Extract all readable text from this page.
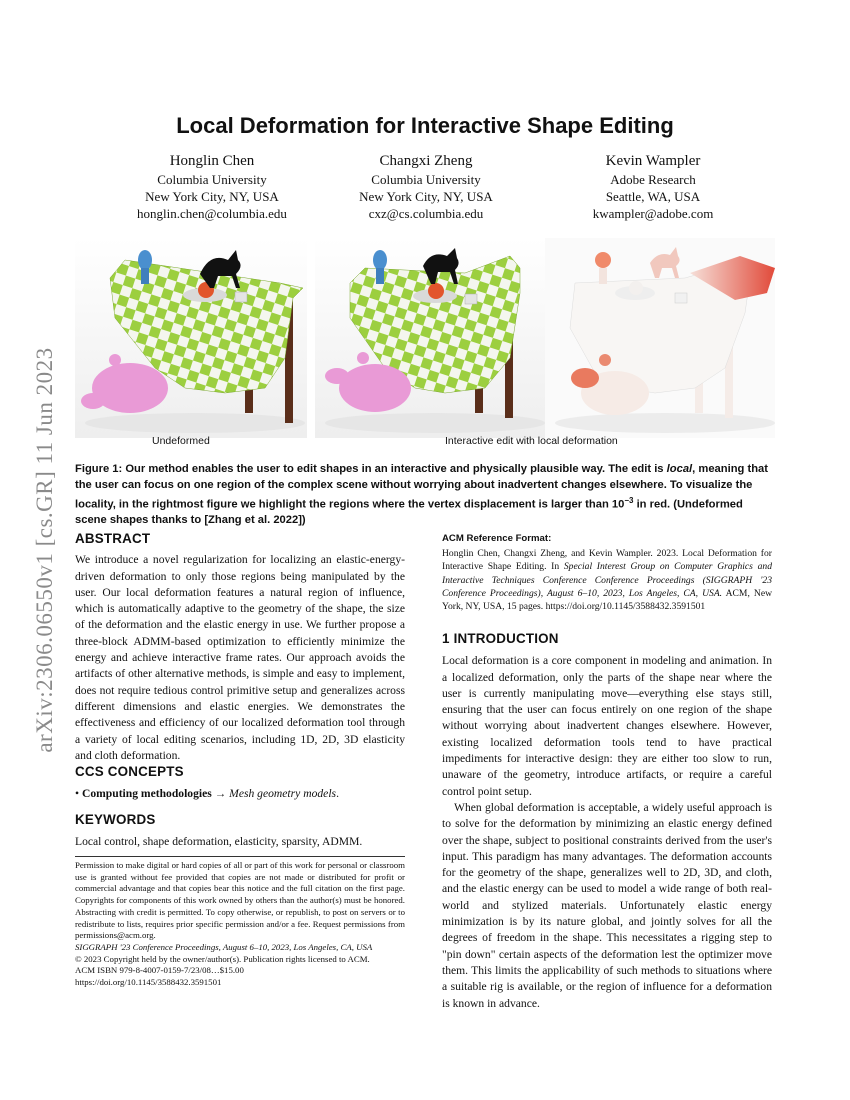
arXiv:2306.06550v1 [cs.GR] 11 Jun 2023
Local Deformation for Interactive Shape Editing
Honglin Chen
Columbia University
New York City, NY, USA
honglin.chen@columbia.edu
Changxi Zheng
Columbia University
New York City, NY, USA
cxz@cs.columbia.edu
Kevin Wampler
Adobe Research
Seattle, WA, USA
kwampler@adobe.com
Undeformed	Interactive edit with local deformation
Figure 1: Our method enables the user to edit shapes in an interactive and physically plausible way. The edit is local, meaning that the user can focus on one region of the complex scene without worrying about inadvertent changes elsewhere. To visualize the locality, in the rightmost figure we highlight the regions where the vertex displacement is larger than $10^{-3}$ in red. (Undeformed scene shapes thanks to [Zhang et al. 2022])
ABSTRACT

We introduce a novel regularization for localizing an elastic-energy-driven deformation to only those regions being manipulated by the user. Our local deformation features a natural region of influence, which is automatically adaptive to the geometry of the shape, the size of the deformation and the elastic energy in use. We further propose a three-block ADMM-based optimization to efficiently minimize the energy and achieve interactive frame rates. Our approach avoids the artifacts of other alternative methods, is simple and easy to implement, does not require tedious control primitive setup and generalizes across different dimensions and elastic energies. We demonstrates the effectiveness and efficiency of our localized deformation tool through a variety of local editing scenarios, including 1D, 2D, 3D elasticity and cloth deformation.

CCS CONCEPTS

• Computing methodologies → Mesh geometry models.

KEYWORDS

Local control, shape deformation, elasticity, sparsity, ADMM.

Permission to make digital or hard copies of all or part of this work for personal or classroom use is granted without fee provided that copies are not made or distributed for profit or commercial advantage and that copies bear this notice and the full citation on the first page. Copyrights for components of this work owned by others than the author(s) must be honored. Abstracting with credit is permitted. To copy otherwise, or republish, to post on servers or to redistribute to lists, requires prior specific permission and/or a fee. Request permissions from permissions@acm.org.

SIGGRAPH '23 Conference Proceedings, August 6–10, 2023, Los Angeles, CA, USA

© 2023 Copyright held by the owner/author(s). Publication rights licensed to ACM.

ACM ISBN 979-8-4007-0159-7/23/08…$15.00

https://doi.org/10.1145/3588432.3591501

ACM Reference Format:

Honglin Chen, Changxi Zheng, and Kevin Wampler. 2023. Local Deformation for Interactive Shape Editing. In Special Interest Group on Computer Graphics and Interactive Techniques Conference Conference Proceedings (SIGGRAPH '23 Conference Proceedings), August 6–10, 2023, Los Angeles, CA, USA. ACM, New York, NY, USA, 15 pages. https://doi.org/10.1145/3588432.3591501

1 INTRODUCTION

Local deformation is a core component in modeling and animation. In a localized deformation, only the parts of the shape near where the user is currently manipulating move—everything else stays still, ensuring that the user can focus entirely on one region of the shape without worrying about inadvertent changes elsewhere. However, existing localized deformation tools tend to have practical impediments for interactive design: they are either too slow to run, unaware of the geometry, introduce artifacts, or require a careful control point setup.

When global deformation is acceptable, a widely useful approach is to solve for the deformation by minimizing an elastic energy defined over the shape, subject to positional constraints derived from the user's input. This paradigm has many advantages. The deformation accounts for the geometry of the shape, generalizes well to 2D, 3D, and cloth, and the elastic energy can be used to model a wide range of both real-world and stylized materials. Unfortunately elastic energy minimization is by its nature global, and jointly solves for all the degrees of freedom in the shape. This necessitates a rigging step to "pin down" certain aspects of the deformation lest the optimizer move them. This limits the applicability of such methods to situations where a suitable rig is available, or the region of influence for a deformation is known in advance.
